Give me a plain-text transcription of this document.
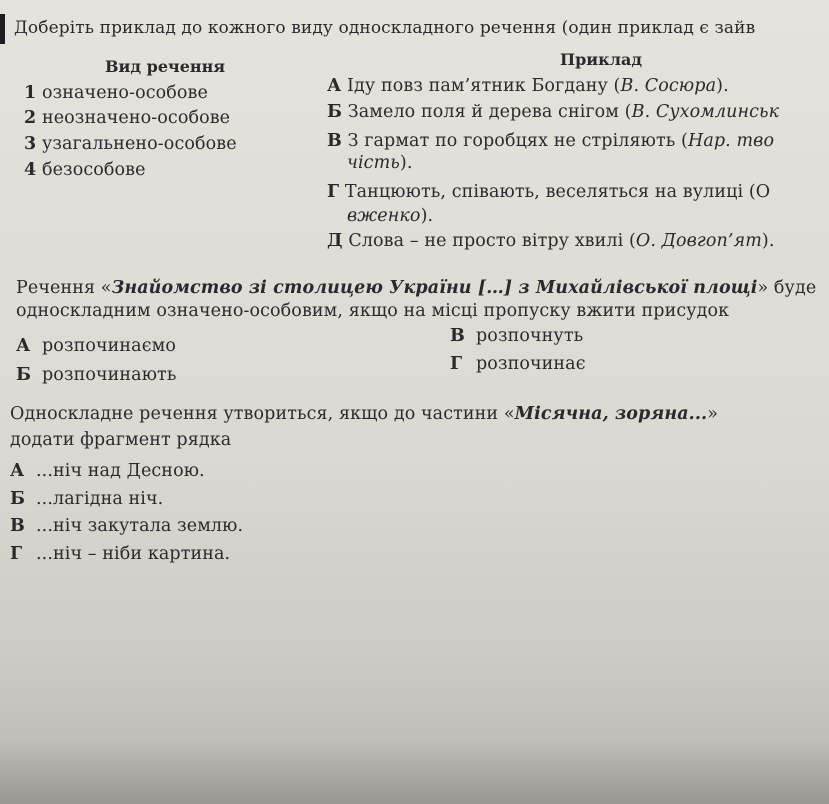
Доберіть приклад до кожного виду односкладного речення (один приклад є зайв
Вид речення	Приклад
1 означено-особове
2 неозначено-особове
3 узагальнено-особове
4 безособове
А Іду повз пам’ятник Богдану (В. Сосюра).
Б Замело поля й дерева снігом (В. Сухомлинськ
В З гармат по горобцях не стріляють (Нар. тво
чість).
Г Танцюють, співають, веселяться на вулиці (О
вженко).
Д Слова – не просто вітру хвилі (О. Довгоп’ят).
Речення «Знайомство зі столицею України […] з Михайлівської площі» буде
односкладним означено-особовим, якщо на місці пропуску вжити присудок
А розпочинаємо	В розпочнуть
Б розпочинають
Г розпочинає
Односкладне речення утвориться, якщо до частини «Місячна, зоряна...»
додати фрагмент рядка
А ...ніч над Десною.
Б ...лагідна ніч.
В ...ніч закутала землю.
Г ...ніч – ніби картина.
